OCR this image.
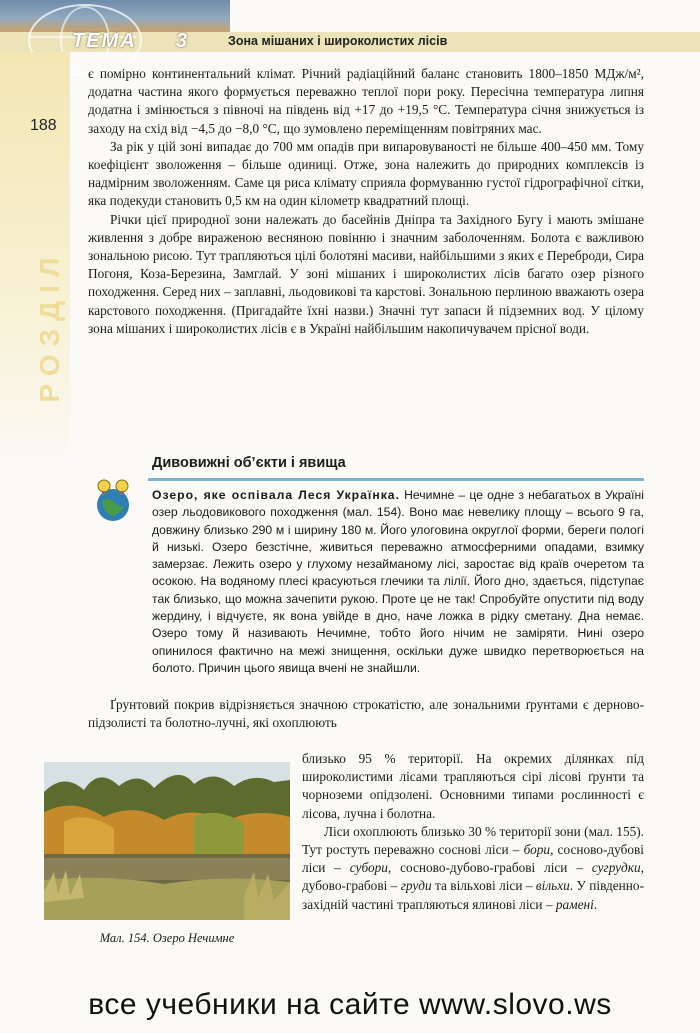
ТЕМА 3	Зона мішаних і широколистих лісів
188
РОЗДІЛ

є помірно континентальний клімат. Річний радіаційний баланс становить 1800–1850 МДж/м², додатна частина якого формується переважно теплої пори року. Пересічна температура липня додатна і змінюється з півночі на південь від +17 до +19,5 °С. Температура січня знижується із заходу на схід від −4,5 до −8,0 °С, що зумовлено переміщенням повітряних мас.

За рік у цій зоні випадає до 700 мм опадів при випаровуваності не більше 400–450 мм. Тому коефіцієнт зволоження – більше одиниці. Отже, зона належить до природних комплексів із надмірним зволоженням. Саме ця риса клімату сприяла формуванню густої гідрографічної сітки, яка подекуди становить 0,5 км на один кілометр квадратний площі.

Річки цієї природної зони належать до басейнів Дніпра та Західного Бугу і мають змішане живлення з добре вираженою весняною повінню і значним заболоченням. Болота є важливою зональною рисою. Тут трапляються цілі болотяні масиви, найбільшими з яких є Переброди, Сира Погоня, Коза-Березина, Замглай. У зоні мішаних і широколистих лісів багато озер різного походження. Серед них – заплавні, льодовикові та карстові. Зональною перлиною вважають озера карстового походження. (Пригадайте їхні назви.) Значні тут запаси й підземних вод. У цілому зона мішаних і широколистих лісів є в Україні найбільшим накопичувачем прісної води.

Дивовижні об’єкти і явища
Озеро, яке оспівала Леся Українка. Нечимне – це одне з небагатьох в Україні озер льодовикового походження (мал. 154). Воно має невелику площу – всього 9 га, довжину близько 290 м і ширину 180 м. Його улоговина округлої форми, береги пологі й низькі. Озеро безстічне, живиться переважно атмосферними опадами, взимку замерзає. Лежить озеро у глухому незайманому лісі, заростає від країв очеретом та осокою. На водяному плесі красуються глечики та лілії. Його дно, здається, підступає так близько, що можна зачепити рукою. Проте це не так! Спробуйте опустити під воду жердину, і відчуєте, як вона увійде в дно, наче ложка в рідку сметану. Дна немає. Озеро тому й називають Нечимне, тобто його нічим не заміряти. Нині озеро опинилося фактично на межі знищення, оскільки дуже швидко перетворюється на болото. Причин цього явища вчені не знайшли.

Ґрунтовий покрив відрізняється значною строкатістю, але зональними ґрунтами є дерново-підзолисті та болотно-лучні, які охоплюють

Мал. 154. Озеро Нечимне

близько 95 % території. На окремих ділянках під широколистими лісами трапляються сірі лісові ґрунти та чорноземи опідзолені. Основними типами рослинності є лісова, лучна і болотна.

Ліси охоплюють близько 30 % території зони (мал. 155). Тут ростуть переважно соснові ліси – бори, сосново-дубові ліси – субори, сосново-дубово-грабові ліси – сугрудки, дубово-грабові – груди та вільхові ліси – вільхи. У південно-західній частині трапляються ялинові ліси – рамені.

все учебники на сайте www.slovo.ws
